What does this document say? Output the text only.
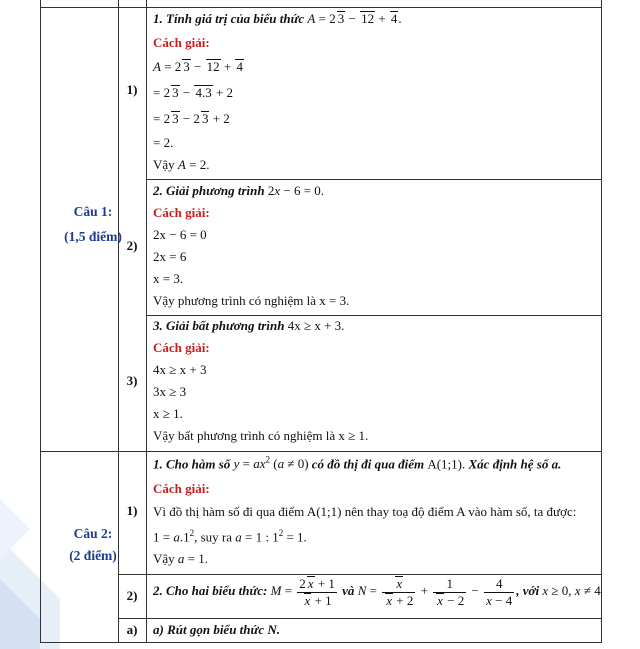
Câu 1:
(1,5 điểm)
1)
1. Tính giá trị của biểu thức A = 2 3 − 12 + 4.
Cách giải:
A = 2 3 − 12 + 4
= 2 3 − 4.3 + 2
= 2 3 − 2 3 + 2
= 2.
Vậy A = 2.
2)
2. Giải phương trình 2x − 6 = 0.
Cách giải:
2x − 6 = 0
2x = 6
x = 3.
Vậy phương trình có nghiệm là x = 3.
3)
3. Giải bất phương trình 4x ≥ x + 3.
Cách giải:
4x ≥ x + 3
3x ≥ 3
x ≥ 1.
Vậy bất phương trình có nghiệm là x ≥ 1.
Câu 2:
(2 điểm)
1)
1. Cho hàm số $y = ax^2$ (a ≠ 0) có đồ thị đi qua điểm A(1;1). Xác định hệ số a.
Cách giải:
Vì đồ thị hàm số đi qua điểm A(1;1) nên thay toạ độ điểm A vào hàm số, ta được:
$1 = a.1^2$, suy ra a = 1 : $1^2 = 1$.
Vậy a = 1.
2)	2. Cho hai biểu thức: $M = \frac{2 x + 1}{x + 1}$ và $N = \frac{x}{x + 2} + \frac{1}{x - 2} - \frac{4}{x - 4}$ , với x ≥ 0, x ≠ 4
a)	a) Rút gọn biểu thức N.
